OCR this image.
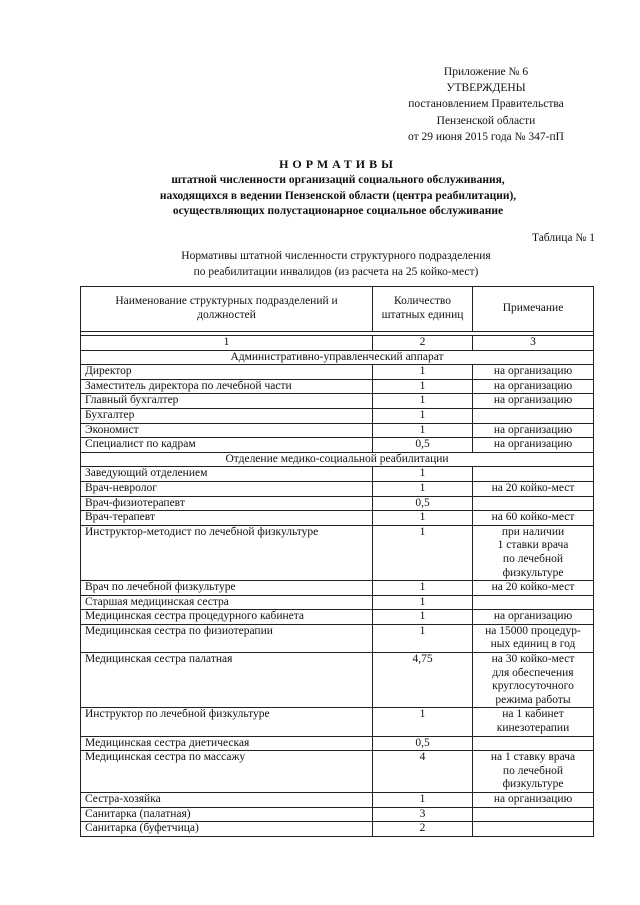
Приложение № 6
УТВЕРЖДЕНЫ
постановлением Правительства
Пензенской области
от 29 июня 2015 года № 347-пП
НОРМАТИВЫ
штатной численности организаций социального обслуживания,
находящихся в ведении Пензенской области (центра реабилитации),
осуществляющих полустационарное социальное обслуживание
Таблица № 1
Нормативы штатной численности структурного подразделения
по реабилитации инвалидов (из расчета на 25 койко-мест)
Наименование структурных подразделений и должностей	Количество штатных единиц	Примечание

1	2	3
Административно-управленческий аппарат		
Директор	1	на организацию
Заместитель директора по лечебной части	1	на организацию
Главный бухгалтер	1	на организацию
Бухгалтер	1	
Экономист	1	на организацию
Специалист по кадрам	0,5	на организацию
Отделение медико-социальной реабилитации		
Заведующий отделением	1	
Врач-невролог	1	на 20 койко-мест
Врач-физиотерапевт	0,5	
Врач-терапевт	1	на 60 койко-мест
Инструктор-методист по лечебной физкультуре	1	при наличии
1 ставки врача
по лечебной
физкультуре
Врач по лечебной физкультуре	1	на 20 койко-мест
Старшая медицинская сестра	1	
Медицинская сестра процедурного кабинета	1	на организацию
Медицинская сестра по физиотерапии	1	на 15000 процедур-
ных единиц в год
Медицинская сестра палатная	4,75	на 30 койко-мест
для обеспечения
круглосуточного
режима работы
Инструктор по лечебной физкультуре	1	на 1 кабинет
кинезотерапии
Медицинская сестра диетическая	0,5	
Медицинская сестра по массажу	4	на 1 ставку врача
по лечебной
физкультуре
Сестра-хозяйка	1	на организацию
Санитарка (палатная)	3	
Санитарка (буфетчица)	2	
